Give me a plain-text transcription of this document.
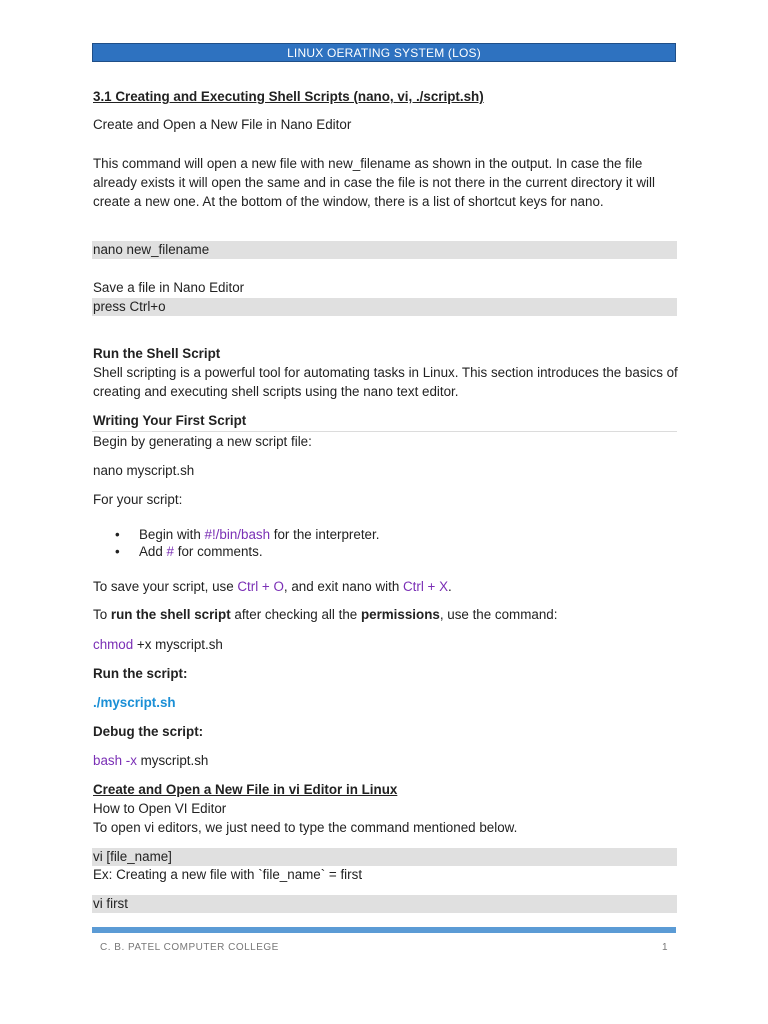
LINUX OERATING SYSTEM (LOS)
3.1 Creating and Executing Shell Scripts (nano, vi, ./script.sh)
Create and Open a New File in Nano Editor
This command will open a new file with new_filename as shown in the output. In case the file already exists it will open the same and in case the file is not there in the current directory it will create a new one. At the bottom of the window, there is a list of shortcut keys for nano.
nano new_filename
Save a file in Nano Editor
press Ctrl+o
Run the Shell Script
Shell scripting is a powerful tool for automating tasks in Linux. This section introduces the basics of creating and executing shell scripts using the nano text editor.
Writing Your First Script
Begin by generating a new script file:
nano myscript.sh
For your script:
• Begin with #!/bin/bash for the interpreter.
• Add # for comments.
To save your script, use Ctrl + O, and exit nano with Ctrl + X.
To run the shell script after checking all the permissions, use the command:
chmod +x myscript.sh
Run the script:
./myscript.sh
Debug the script:
bash -x myscript.sh
Create and Open a New File in vi Editor in Linux
How to Open VI Editor
To open vi editors, we just need to type the command mentioned below.
vi [file_name]
Ex: Creating a new file with `file_name` = first
vi first
C. B. PATEL COMPUTER COLLEGE	1
